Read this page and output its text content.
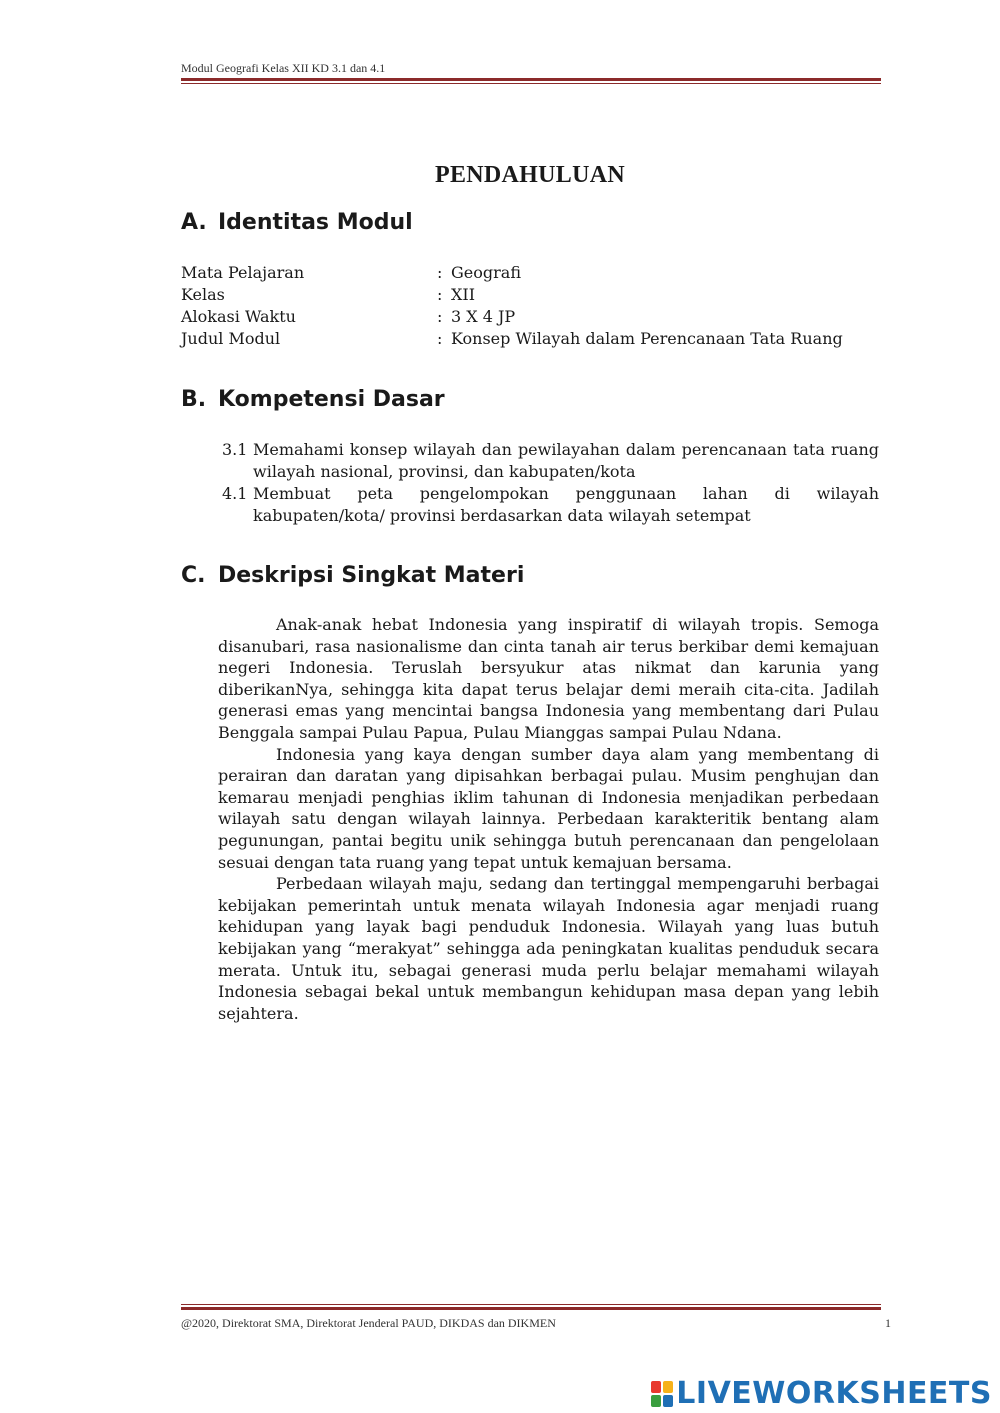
Modul Geografi Kelas XII KD 3.1 dan 4.1
PENDAHULUAN
A. Identitas Modul
Mata Pelajaran	: Geografi
Kelas	: XII
Alokasi Waktu	: 3 X 4 JP
Judul Modul	: Konsep Wilayah dalam Perencanaan Tata Ruang
B. Kompetensi Dasar
3.1 Memahami konsep wilayah dan pewilayahan dalam perencanaan tata ruang wilayah nasional, provinsi, dan kabupaten/kota
4.1 Membuat peta pengelompokan penggunaan lahan di wilayah kabupaten/kota/ provinsi berdasarkan data wilayah setempat
C. Deskripsi Singkat Materi

Anak-anak hebat Indonesia yang inspiratif di wilayah tropis. Semoga disanubari, rasa nasionalisme dan cinta tanah air terus berkibar demi kemajuan negeri Indonesia. Teruslah bersyukur atas nikmat dan karunia yang diberikanNya, sehingga kita dapat terus belajar demi meraih cita-cita. Jadilah generasi emas yang mencintai bangsa Indonesia yang membentang dari Pulau Benggala sampai Pulau Papua, Pulau Mianggas sampai Pulau Ndana.

Indonesia yang kaya dengan sumber daya alam yang membentang di perairan dan daratan yang dipisahkan berbagai pulau. Musim penghujan dan kemarau menjadi penghias iklim tahunan di Indonesia menjadikan perbedaan wilayah satu dengan wilayah lainnya. Perbedaan karakteritik bentang alam pegunungan, pantai begitu unik sehingga butuh perencanaan dan pengelolaan sesuai dengan tata ruang yang tepat untuk kemajuan bersama.

Perbedaan wilayah maju, sedang dan tertinggal mempengaruhi berbagai kebijakan pemerintah untuk menata wilayah Indonesia agar menjadi ruang kehidupan yang layak bagi penduduk Indonesia. Wilayah yang luas butuh kebijakan yang “merakyat” sehingga ada peningkatan kualitas penduduk secara merata. Untuk itu, sebagai generasi muda perlu belajar memahami wilayah Indonesia sebagai bekal untuk membangun kehidupan masa depan yang lebih sejahtera.

@2020, Direktorat SMA, Direktorat Jenderal PAUD, DIKDAS dan DIKMEN	1
LIVEWORKSHEETS
